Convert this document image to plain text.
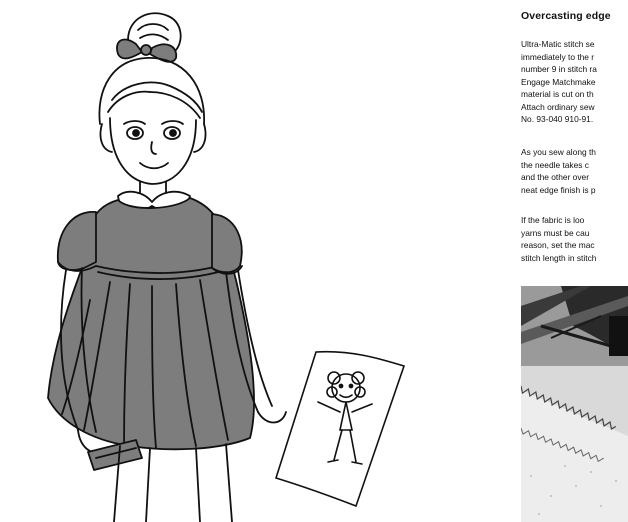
Overcasting edge
Ultra-Matic stitch se
immediately to the r
number 9 in stitch ra
Engage Matchmake
material is cut on th
Attach ordinary sew
No. 93-040 910-91.
As you sew along th
the needle takes c
and the other over
neat edge finish is p
If the fabric is loo
yarns must be cau
reason, set the mac
stitch length in stitch
